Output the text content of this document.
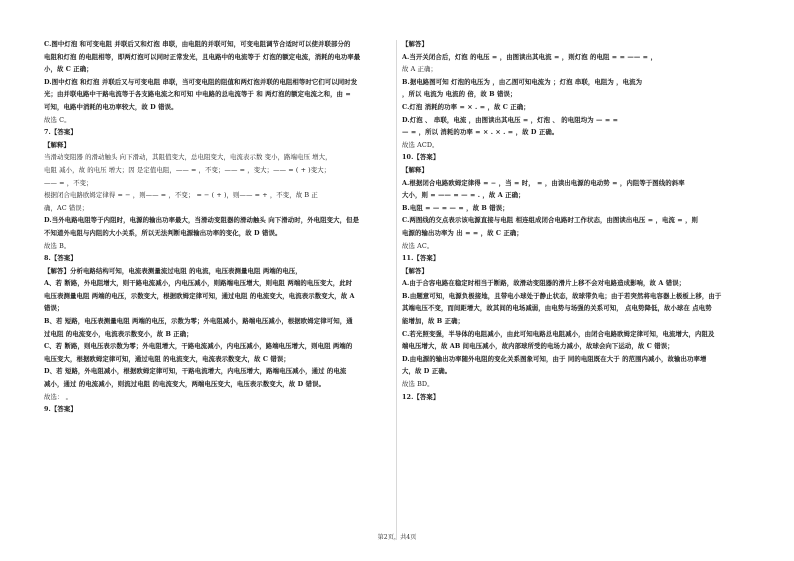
C.图中灯泡 和可变电阻 并联后又和灯泡 串联，由电阻的并联可知，可变电阻调节合适时可以使并联部分的
电阻和灯泡 的电阻相等，即两灯泡可以同时正常发光，且电路中的电流等于 灯泡的额定电流，消耗的电功率最
小，故 C 正确；
D.图中灯泡 和灯泡 并联后又与可变电阻 串联，当可变电阻的阻值和两灯泡并联的电阻相等时它们可以同时发
光；由并联电路中干路电流等于各支路电流之和可知 中电路的总电流等于 和 两灯泡的额定电流之和，由 =
可知，电路中消耗的电功率较大，故 D 错误。
故选 C。
7.【答案】
【解释】
当滑动变阻器 的滑动触头 向下滑动，其阻值变大，总电阻变大，电流表示数 变小，路端电压 增大，
电阻 减小，故 的电压 增大；因 是定值电阻，—— = ，不变；—— = ，变大；—— = ( + )变大；
—— = ，不变；
根据闭合电路欧姆定律得 = − ，则—— = ，不变； = − ( + )，则—— = + ，不变，故 B 正
确，AC 错误；
D.当外电路电阻等于内阻时，电源的输出功率最大，当滑动变阻器的滑动触头 向下滑动时，外电阻变大，但是
不知道外电阻与内阻的大小关系，所以无法判断电源输出功率的变化，故 D 错误。
故选 B。
8.【答案】
【解答】分析电路结构可知，电流表测量流过电阻 的电流，电压表测量电阻 两端的电压，
A、若 断路，外电阻增大，则干路电流减小，内电压减小，则路端电压增大，则电阻 两端的电压变大，此时
电压表测量电阻 两端的电压，示数变大，根据欧姆定律可知，通过电阻 的电流变大，电流表示数变大，故 A
错误；
B、若 短路，电压表测量电阻 两端的电压，示数为零；外电阻减小，路端电压减小，根据欧姆定律可知，通
过电阻 的电流变小，电流表示数变小，故 B 正确；
C、若 断路，则电压表示数为零；外电阻增大，干路电流减小，内电压减小，路端电压增大，则电阻 两端的
电压变大，根据欧姆定律可知，通过电阻 的电流变大，电流表示数变大，故 C 错误；
D、若 短路，外电阻减小，根据欧姆定律可知，干路电流增大，内电压增大，路端电压减小，通过 的电流
减小，通过 的电流减小，则流过电阻 的电流变大，两端电压变大，电压表示数变大，故 D 错误。
故选： 。
9.【答案】
【解答】
A.当开关闭合后，灯泡 的电压 = ，由图读出其电流 = ，则灯泡 的电阻 = = —— = ，
故 A 正确；
B.据电路图可知 灯泡的电压为 ，由乙图可知电流为 ；灯泡 串联，电阻为 ，电流为
，所以 电流为 电流的 倍，故 B 错误；
C.灯泡 消耗的功率 = × . = ，故 C 正确；
D.灯泡 、 串联，电流 ，由图读出其电压 = ，灯泡 、 的电阻均为 — = =
— = ，所以 消耗的功率 = × . × . = ，故 D 正确。
故选 ACD。
10.【答案】
【解释】
A.根据闭合电路欧姆定律得 = − ，当 = 时， = ，由读出电源的电动势 = ，内阻等于图线的斜率
大小，则 = —— = — = . ，故 A 正确；
B.电阻 = — = — = ，故 B 错误；
C.两图线的交点表示该电源直接与电阻 相连组成闭合电路时工作状态，由图读出电压 = ，电流 = ，则
电源的输出功率为 出 = = ，故 C 正确；
故选 AC。
11.【答案】
【解答】
A.由于合容电路在稳定时相当于断路，故滑动变阻器的滑片上移不会对电路造成影响，故 A 错误；
B.由题意可知，电源负极接地，且带电小球处于静止状态，故球带负电；由于若突然将电容器上极板上移，由于
其端电压不变，而间距增大，故其间的电场减弱，由电势与场强的关系可知， 点电势降低，故小球在 点电势
能增加，故 B 正确；
C.若光照变强，半导体的电阻减小，由此可知电路总电阻减小，由闭合电路欧姆定律可知，电流增大，内阻及
端电压增大，故 AB 间电压减小，故内部球所受的电场力减小，故球会向下运动，故 C 错误；
D.由电源的输出功率随外电阻的变化关系图象可知，由于 同的电阻既在大于 的范围内减小，故输出功率增
大，故 D 正确。
故选 BD。
12.【答案】
第2页，共4页
